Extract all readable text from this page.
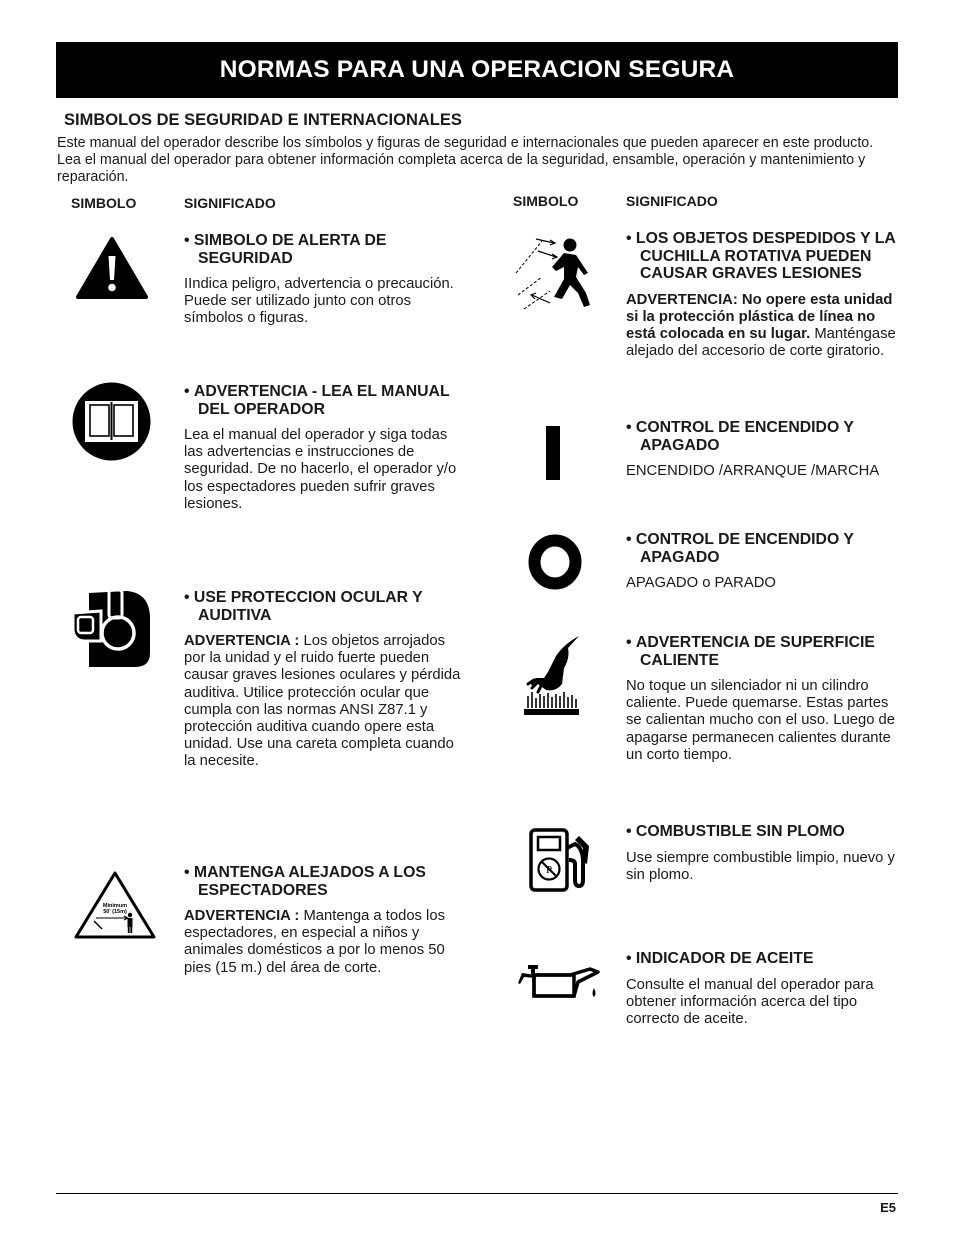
NORMAS PARA UNA OPERACION SEGURA
SIMBOLOS DE SEGURIDAD E INTERNACIONALES

Este manual del operador describe los símbolos y figuras de seguridad e internacionales que pueden aparecer en este producto. Lea el manual del operador para obtener información completa acerca de la seguridad, ensamble, operación y mantenimiento y reparación.

SIMBOLO	SIGNIFICADO	SIMBOLO	SIGNIFICADO
Minimum
50' (15m)
P
• SIMBOLO DE ALERTA DE SEGURIDAD

IIndica peligro, advertencia o precaución. Puede ser utilizado junto con otros símbolos o figuras.

• ADVERTENCIA - LEA EL MANUAL DEL OPERADOR

Lea el manual del operador y siga todas las advertencias e instrucciones de seguridad. De no hacerlo, el operador y/o los espectadores pueden sufrir graves lesiones.

• USE PROTECCION OCULAR Y AUDITIVA

ADVERTENCIA : Los objetos arrojados por la unidad y el ruido fuerte pueden causar graves lesiones oculares y pérdida auditiva. Utilice protección ocular que cumpla con las normas ANSI Z87.1 y protección auditiva cuando opere esta unidad. Use una careta completa cuando la necesite.

• MANTENGA ALEJADOS A LOS ESPECTADORES

ADVERTENCIA : Mantenga a todos los espectadores, en especial a niños y animales domésticos a por lo menos 50 pies (15 m.) del área de corte.

• LOS OBJETOS DESPEDIDOS Y LA CUCHILLA ROTATIVA PUEDEN CAUSAR GRAVES LESIONES

ADVERTENCIA: No opere esta unidad si la protección plástica de línea no está colocada en su lugar. Manténgase alejado del accesorio de corte giratorio.

• CONTROL DE ENCENDIDO Y APAGADO

ENCENDIDO /ARRANQUE /MARCHA

• CONTROL DE ENCENDIDO Y APAGADO

APAGADO o PARADO

• ADVERTENCIA DE SUPERFICIE CALIENTE

No toque un silenciador ni un cilindro caliente. Puede quemarse. Estas partes se calientan mucho con el uso. Luego de apagarse permanecen calientes durante un corto tiempo.

• COMBUSTIBLE SIN PLOMO

Use siempre combustible limpio, nuevo y sin plomo.

• INDICADOR DE ACEITE

Consulte el manual del operador para obtener información acerca del tipo correcto de aceite.

E5
